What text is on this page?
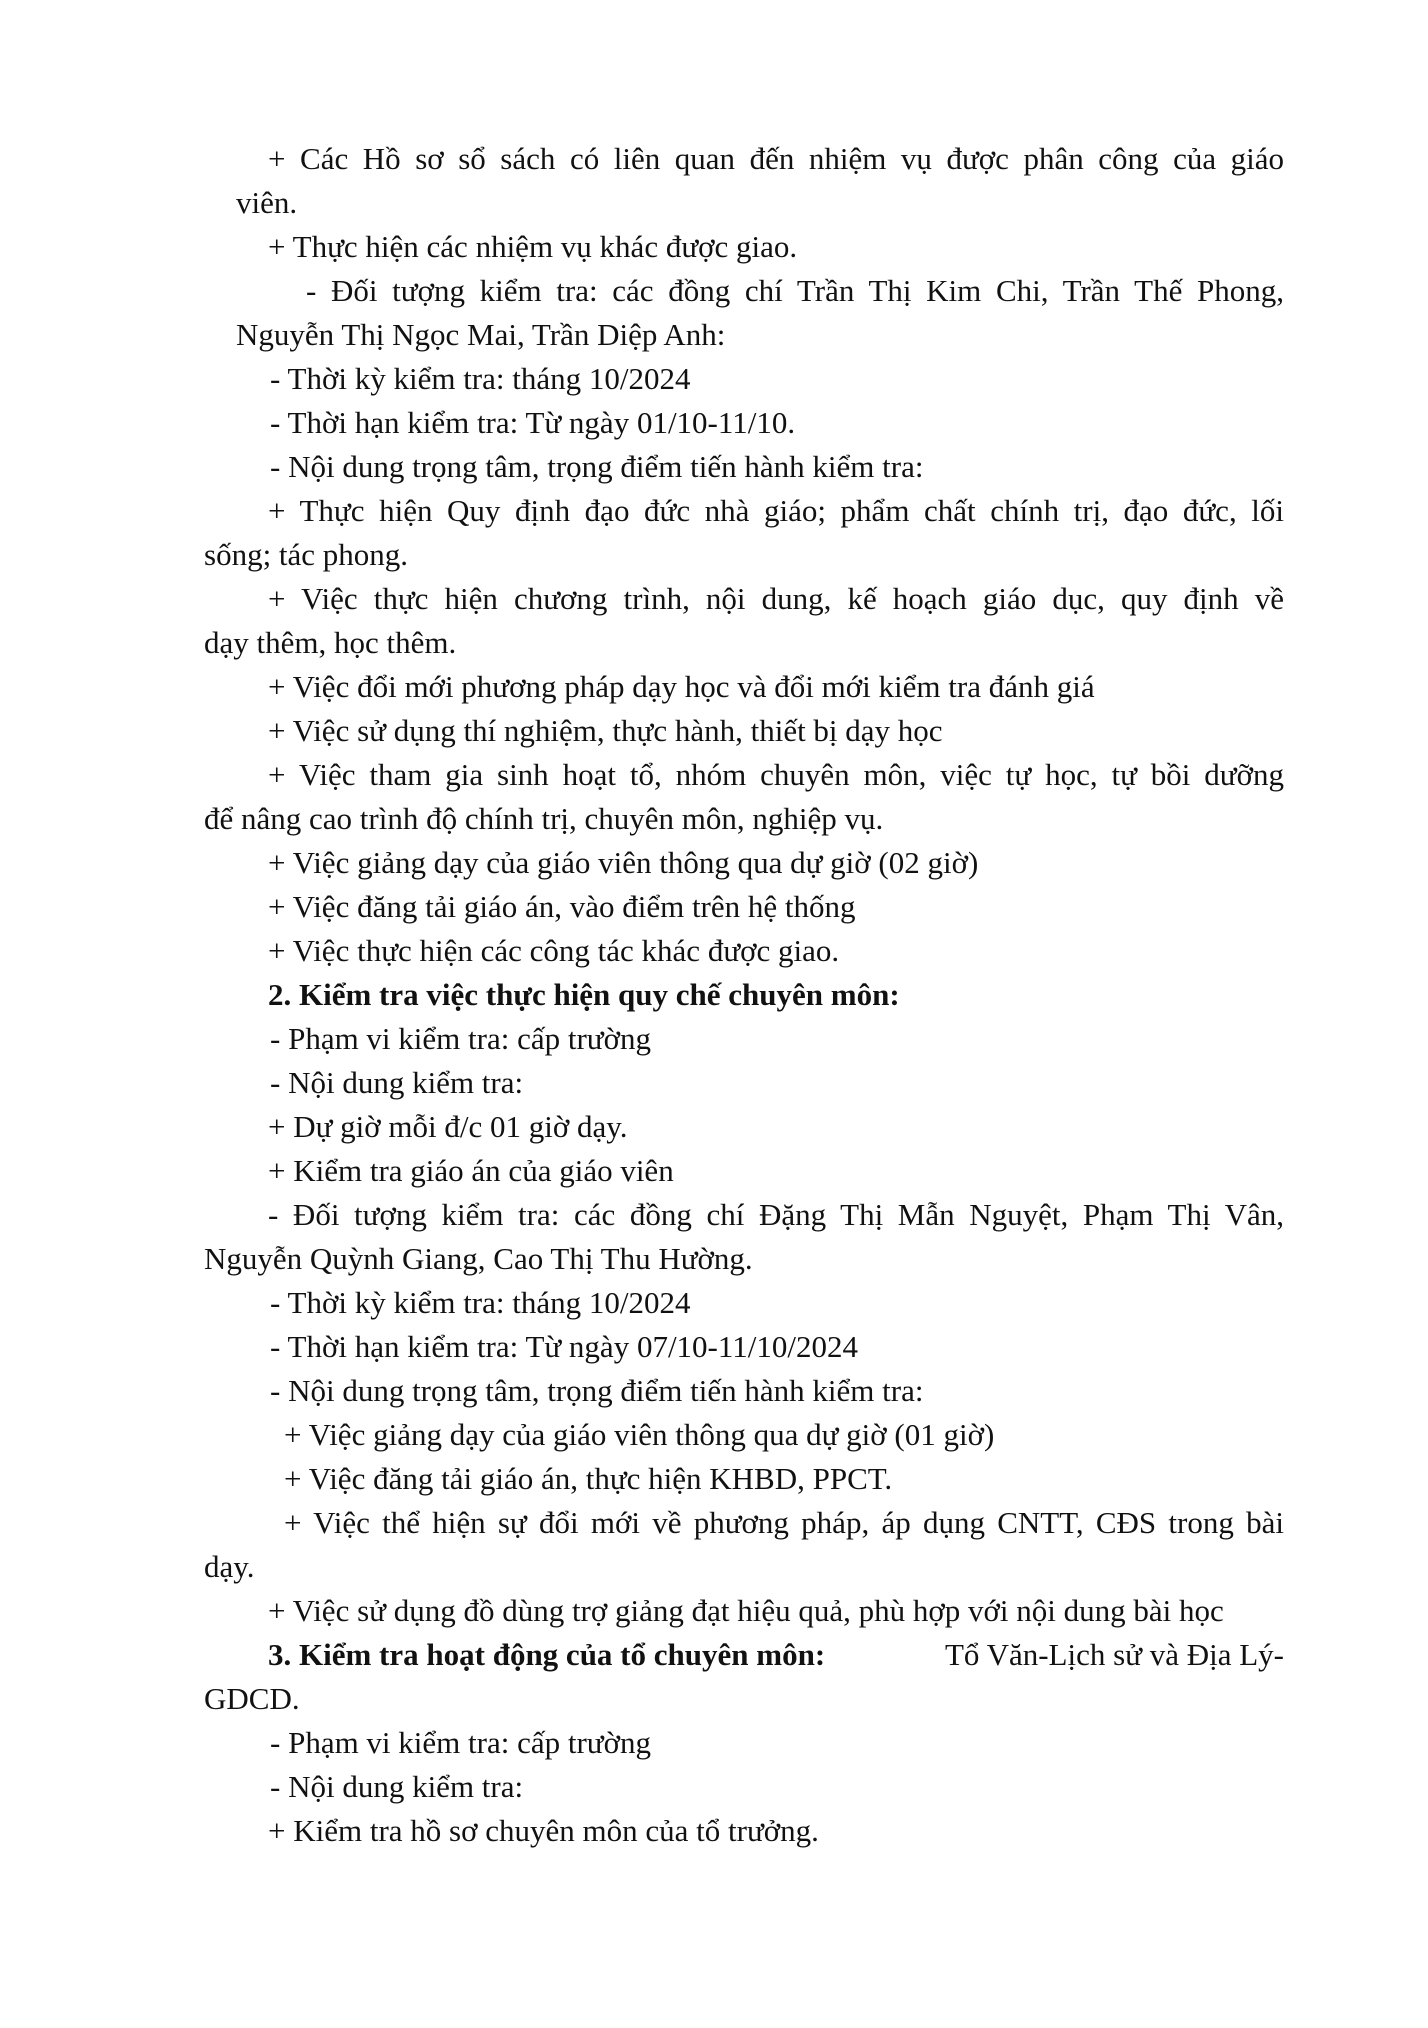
+ Các Hồ sơ sổ sách có liên quan đến nhiệm vụ được phân công của giáo

viên.

+ Thực hiện các nhiệm vụ khác được giao.

- Đối tượng kiểm tra: các đồng chí Trần Thị Kim Chi, Trần Thế Phong,

Nguyễn Thị Ngọc Mai, Trần Diệp Anh:

- Thời kỳ kiểm tra: tháng 10/2024

- Thời hạn kiểm tra: Từ ngày 01/10-11/10.

- Nội dung trọng tâm, trọng điểm tiến hành kiểm tra:

+ Thực hiện Quy định đạo đức nhà giáo; phẩm chất chính trị, đạo đức, lối

sống; tác phong.

+ Việc thực hiện chương trình, nội dung, kế hoạch giáo dục, quy định về

dạy thêm, học thêm.

+ Việc đổi mới phương pháp dạy học và đổi mới kiểm tra đánh giá

+ Việc sử dụng thí nghiệm, thực hành, thiết bị dạy học

+ Việc tham gia sinh hoạt tổ, nhóm chuyên môn, việc tự học, tự bồi dưỡng

để nâng cao trình độ chính trị, chuyên môn, nghiệp vụ.

+ Việc giảng dạy của giáo viên thông qua dự giờ (02 giờ)

+ Việc đăng tải giáo án, vào điểm trên hệ thống

+ Việc thực hiện các công tác khác được giao.

2. Kiểm tra việc thực hiện quy chế chuyên môn:

- Phạm vi kiểm tra: cấp trường

- Nội dung kiểm tra:

+ Dự giờ mỗi đ/c 01 giờ dạy.

+ Kiểm tra giáo án của giáo viên

- Đối tượng kiểm tra: các đồng chí Đặng Thị Mẫn Nguyệt, Phạm Thị Vân,

Nguyễn Quỳnh Giang, Cao Thị Thu Hường.

- Thời kỳ kiểm tra: tháng 10/2024

- Thời hạn kiểm tra: Từ ngày 07/10-11/10/2024

- Nội dung trọng tâm, trọng điểm tiến hành kiểm tra:

+ Việc giảng dạy của giáo viên thông qua dự giờ (01 giờ)

+ Việc đăng tải giáo án, thực hiện KHBD, PPCT.

+ Việc thể hiện sự đổi mới về phương pháp, áp dụng CNTT, CĐS trong bài

dạy.

+ Việc sử dụng đồ dùng trợ giảng đạt hiệu quả, phù hợp với nội dung bài học

3. Kiểm tra hoạt động của tổ chuyên môn:	Tổ Văn-Lịch sử và Địa Lý-

GDCD.

- Phạm vi kiểm tra: cấp trường

- Nội dung kiểm tra:

+ Kiểm tra hồ sơ chuyên môn của tổ trưởng.
